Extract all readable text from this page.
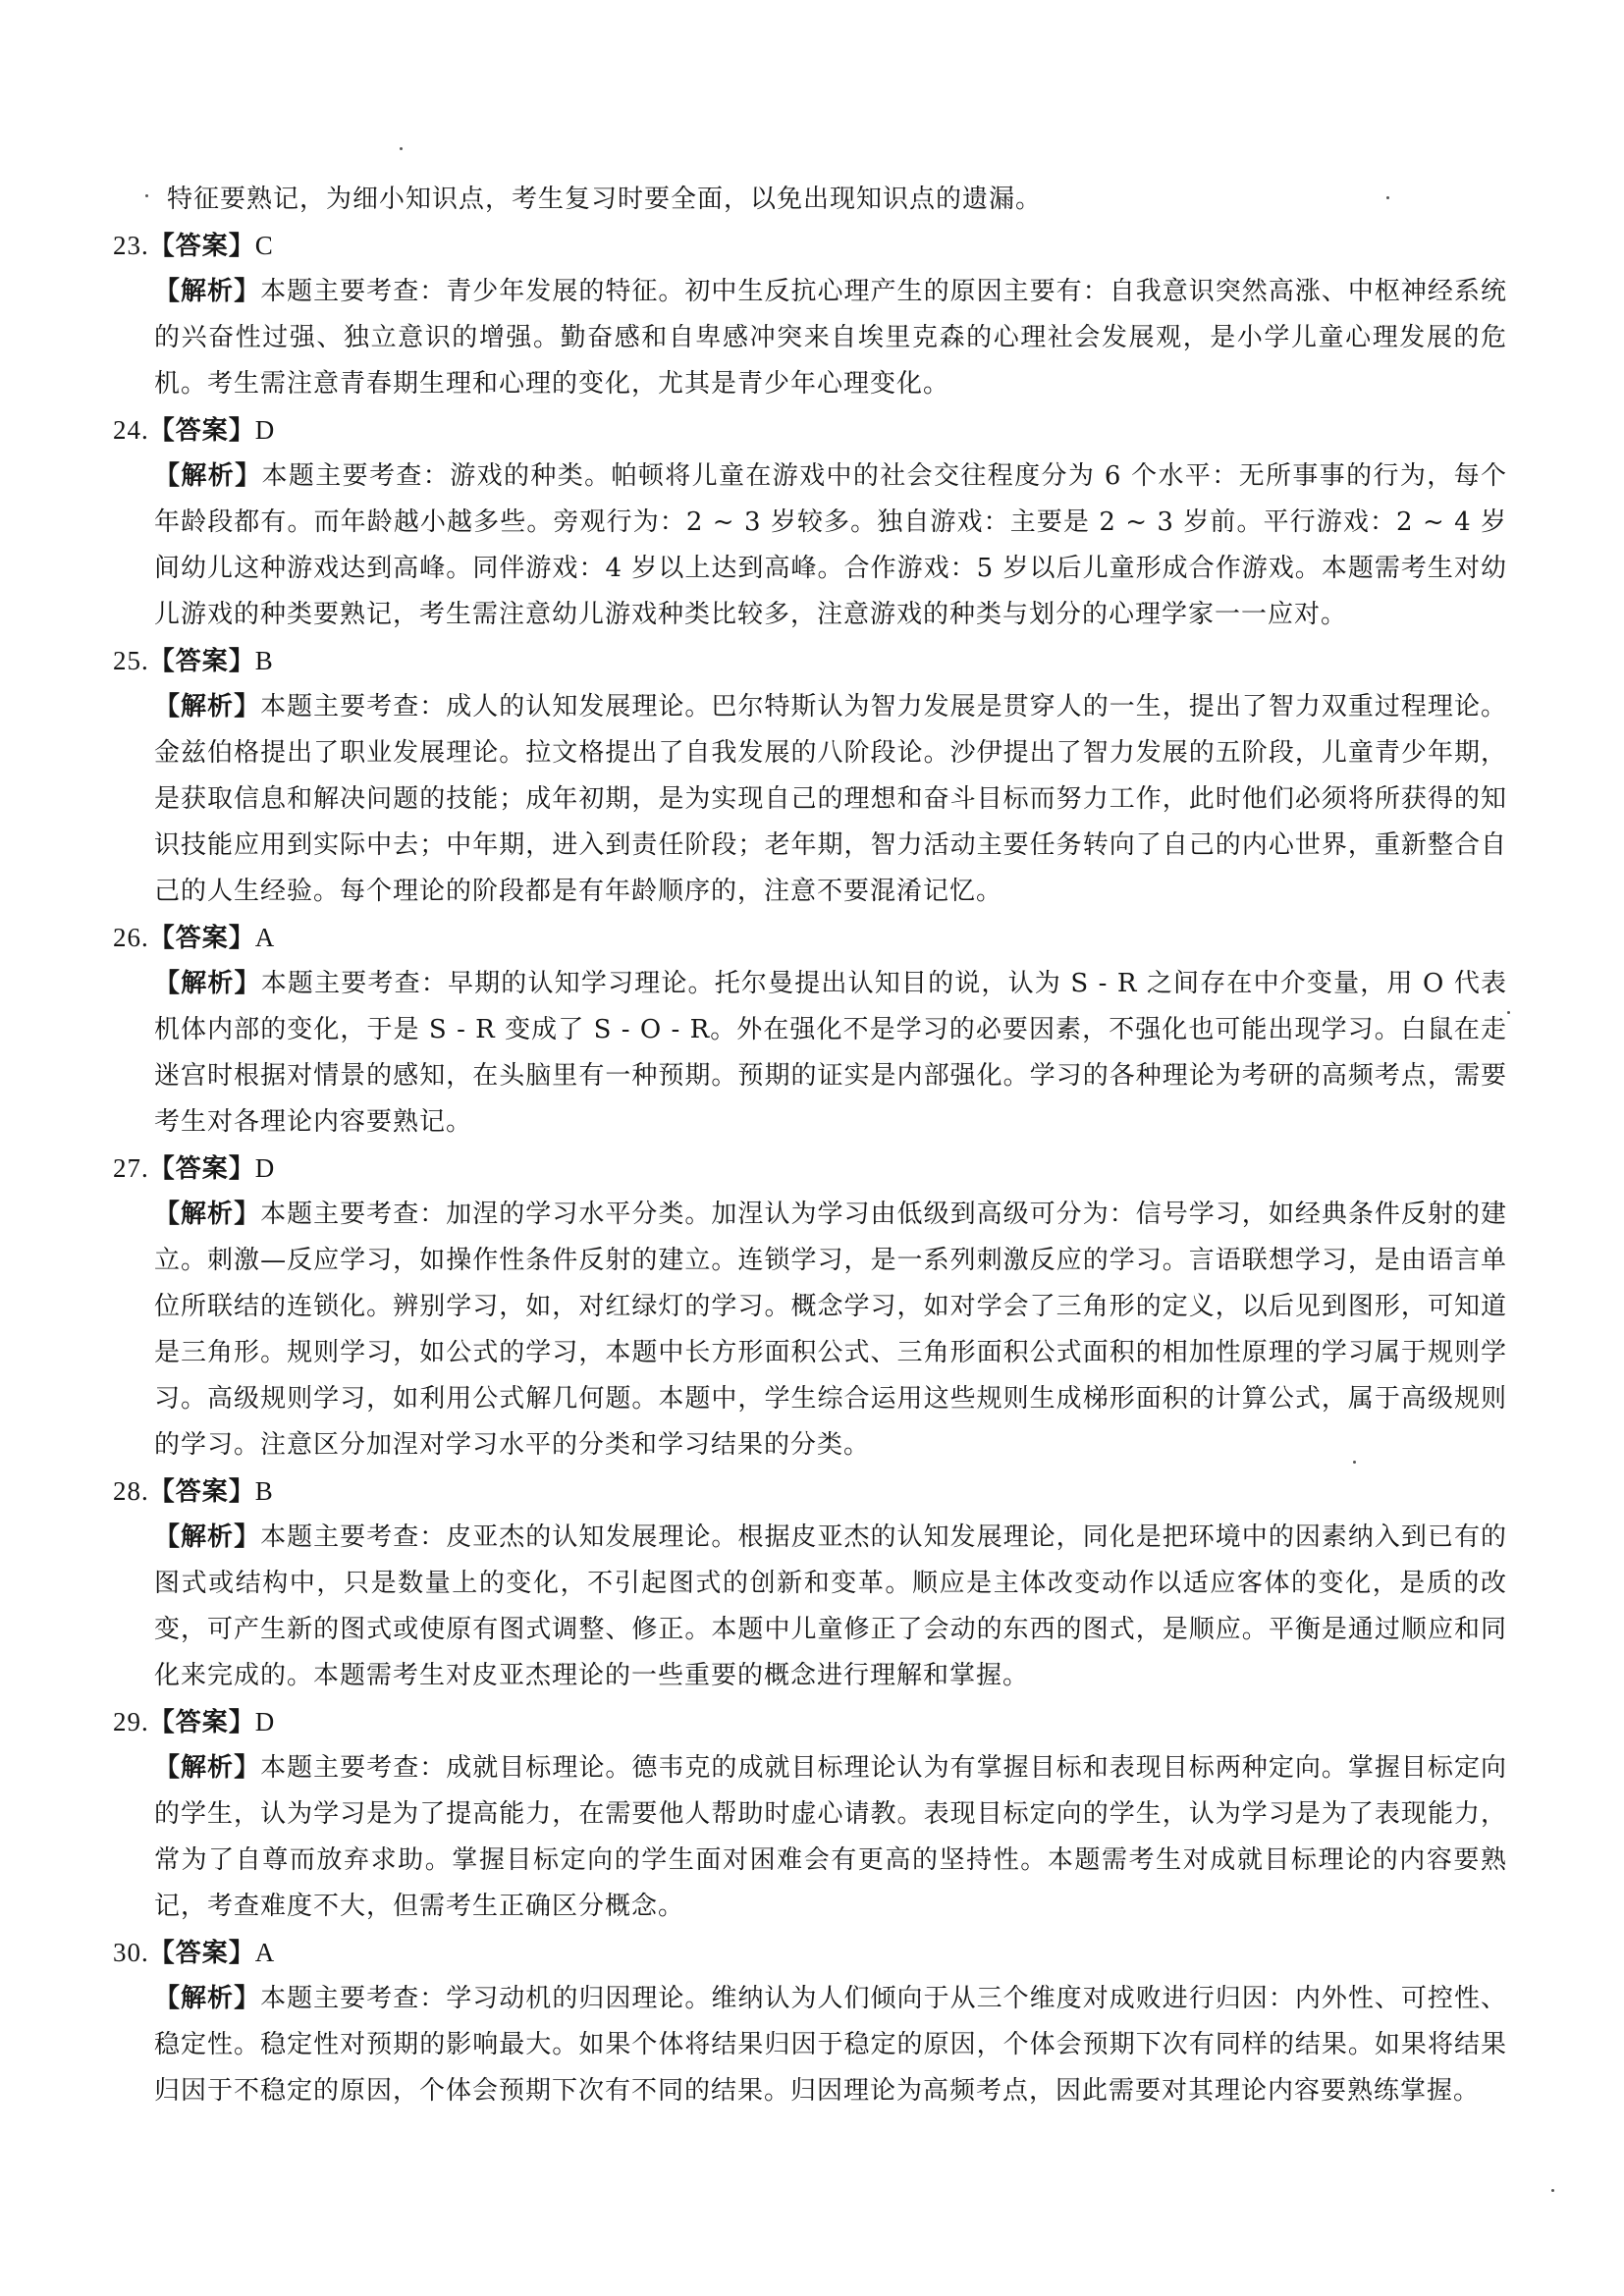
特征要熟记，为细小知识点，考生复习时要全面，以免出现知识点的遗漏。
23.【答案】C
【解析】本题主要考查：青少年发展的特征。初中生反抗心理产生的原因主要有：自我意识突然高涨、中枢神经系统的兴奋性过强、独立意识的增强。勤奋感和自卑感冲突来自埃里克森的心理社会发展观，是小学儿童心理发展的危机。考生需注意青春期生理和心理的变化，尤其是青少年心理变化。
24.【答案】D
【解析】本题主要考查：游戏的种类。帕顿将儿童在游戏中的社会交往程度分为 6 个水平：无所事事的行为，每个年龄段都有。而年龄越小越多些。旁观行为：2 ~ 3 岁较多。独自游戏：主要是 2 ~ 3 岁前。平行游戏：2 ~ 4 岁间幼儿这种游戏达到高峰。同伴游戏：4 岁以上达到高峰。合作游戏：5 岁以后儿童形成合作游戏。本题需考生对幼儿游戏的种类要熟记，考生需注意幼儿游戏种类比较多，注意游戏的种类与划分的心理学家一一应对。
25.【答案】B
【解析】本题主要考查：成人的认知发展理论。巴尔特斯认为智力发展是贯穿人的一生，提出了智力双重过程理论。金兹伯格提出了职业发展理论。拉文格提出了自我发展的八阶段论。沙伊提出了智力发展的五阶段，儿童青少年期，是获取信息和解决问题的技能；成年初期，是为实现自己的理想和奋斗目标而努力工作，此时他们必须将所获得的知识技能应用到实际中去；中年期，进入到责任阶段；老年期，智力活动主要任务转向了自己的内心世界，重新整合自己的人生经验。每个理论的阶段都是有年龄顺序的，注意不要混淆记忆。
26.【答案】A
【解析】本题主要考查：早期的认知学习理论。托尔曼提出认知目的说，认为 S - R 之间存在中介变量，用 O 代表机体内部的变化，于是 S - R 变成了 S - O - R。外在强化不是学习的必要因素，不强化也可能出现学习。白鼠在走迷宫时根据对情景的感知，在头脑里有一种预期。预期的证实是内部强化。学习的各种理论为考研的高频考点，需要考生对各理论内容要熟记。
27.【答案】D
【解析】本题主要考查：加涅的学习水平分类。加涅认为学习由低级到高级可分为：信号学习，如经典条件反射的建立。刺激—反应学习，如操作性条件反射的建立。连锁学习，是一系列刺激反应的学习。言语联想学习，是由语言单位所联结的连锁化。辨别学习，如，对红绿灯的学习。概念学习，如对学会了三角形的定义，以后见到图形，可知道是三角形。规则学习，如公式的学习，本题中长方形面积公式、三角形面积公式面积的相加性原理的学习属于规则学习。高级规则学习，如利用公式解几何题。本题中，学生综合运用这些规则生成梯形面积的计算公式，属于高级规则的学习。注意区分加涅对学习水平的分类和学习结果的分类。
28.【答案】B
【解析】本题主要考查：皮亚杰的认知发展理论。根据皮亚杰的认知发展理论，同化是把环境中的因素纳入到已有的图式或结构中，只是数量上的变化，不引起图式的创新和变革。顺应是主体改变动作以适应客体的变化，是质的改变，可产生新的图式或使原有图式调整、修正。本题中儿童修正了会动的东西的图式，是顺应。平衡是通过顺应和同化来完成的。本题需考生对皮亚杰理论的一些重要的概念进行理解和掌握。
29.【答案】D
【解析】本题主要考查：成就目标理论。德韦克的成就目标理论认为有掌握目标和表现目标两种定向。掌握目标定向的学生，认为学习是为了提高能力，在需要他人帮助时虚心请教。表现目标定向的学生，认为学习是为了表现能力，常为了自尊而放弃求助。掌握目标定向的学生面对困难会有更高的坚持性。本题需考生对成就目标理论的内容要熟记，考查难度不大，但需考生正确区分概念。
30.【答案】A
【解析】本题主要考查：学习动机的归因理论。维纳认为人们倾向于从三个维度对成败进行归因：内外性、可控性、稳定性。稳定性对预期的影响最大。如果个体将结果归因于稳定的原因，个体会预期下次有同样的结果。如果将结果归因于不稳定的原因，个体会预期下次有不同的结果。归因理论为高频考点，因此需要对其理论内容要熟练掌握。
